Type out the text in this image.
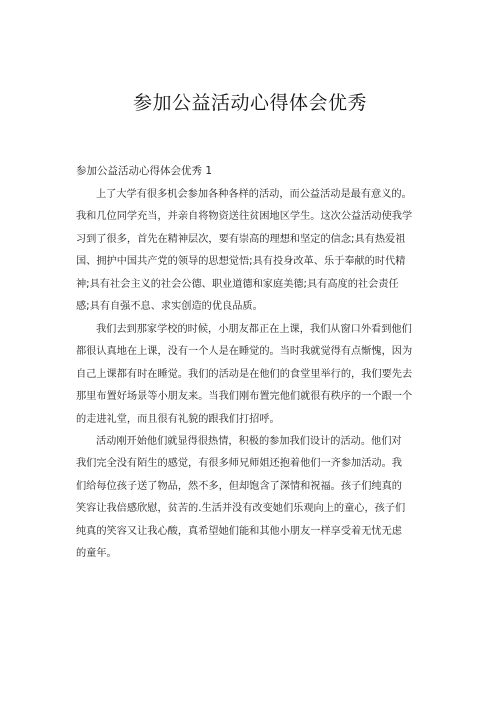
参加公益活动心得体会优秀

参加公益活动心得体会优秀 1

上了大学有很多机会参加各种各样的活动，而公益活动是最有意义的。
我和几位同学充当，并亲自将物资送往贫困地区学生。这次公益活动使我学
习到了很多，首先在精神层次，要有崇高的理想和坚定的信念;具有热爱祖
国、拥护中国共产党的领导的思想觉悟;具有投身改革、乐于奉献的时代精
神;具有社会主义的社会公德、职业道德和家庭美德;具有高度的社会责任
感;具有自强不息、求实创造的优良品质。
我们去到那家学校的时候，小朋友都正在上课，我们从窗口外看到他们
都很认真地在上课，没有一个人是在睡觉的。当时我就觉得有点惭愧，因为
自己上课都有时在睡觉。我们的活动是在他们的食堂里举行的，我们要先去
那里布置好场景等小朋友来。当我们刚布置完他们就很有秩序的一个跟一个
的走进礼堂，而且很有礼貌的跟我们打招呼。
活动刚开始他们就显得很热情，积极的参加我们设计的活动。他们对
我们完全没有陌生的感觉，有很多师兄师姐还抱着他们一齐参加活动。我
们给每位孩子送了物品，然不多，但却饱含了深情和祝福。孩子们纯真的
笑容让我倍感欣慰，贫苦的.生活并没有改变她们乐观向上的童心，孩子们
纯真的笑容又让我心酸，真希望她们能和其他小朋友一样享受着无忧无虑
的童年。
